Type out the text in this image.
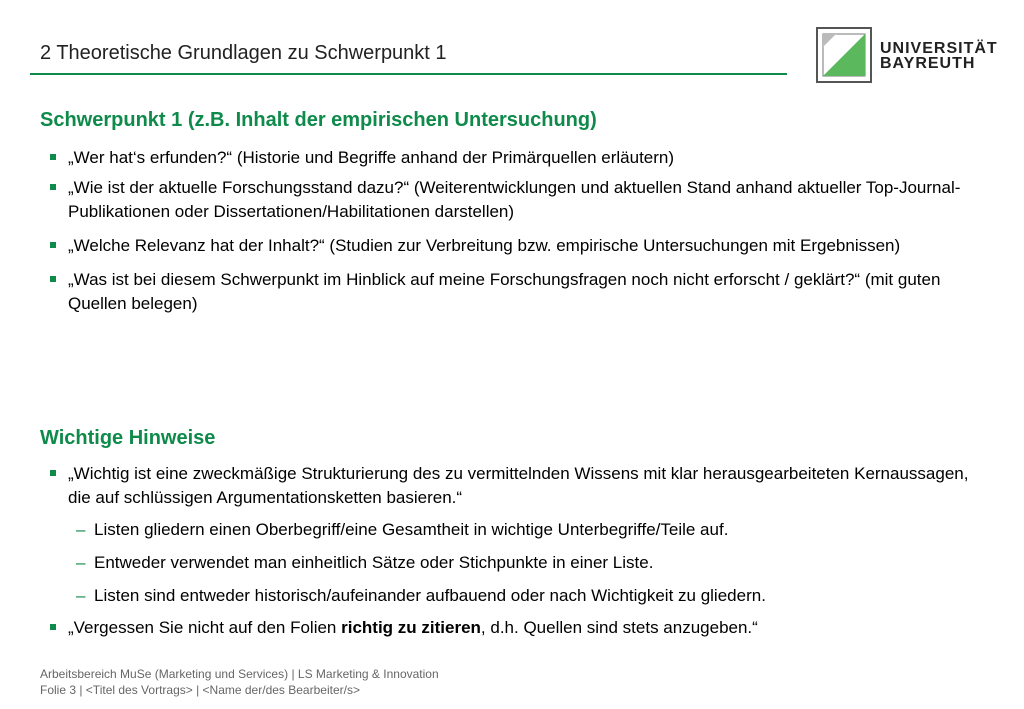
2 Theoretische Grundlagen zu Schwerpunkt 1	UNIVERSITÄT
BAYREUTH
Schwerpunkt 1 (z.B. Inhalt der empirischen Untersuchung)
„Wer hat‘s erfunden?“ (Historie und Begriffe anhand der Primärquellen erläutern)
„Wie ist der aktuelle Forschungsstand dazu?“ (Weiterentwicklungen und aktuellen Stand anhand aktueller Top-Journal-Publikationen oder Dissertationen/Habilitationen darstellen)
„Welche Relevanz hat der Inhalt?“ (Studien zur Verbreitung bzw. empirische Untersuchungen mit Ergebnissen)
„Was ist bei diesem Schwerpunkt im Hinblick auf meine Forschungsfragen noch nicht erforscht / geklärt?“ (mit guten Quellen belegen)
Wichtige Hinweise
„Wichtig ist eine zweckmäßige Strukturierung des zu vermittelnden Wissens mit klar herausgearbeiteten Kernaussagen, die auf schlüssigen Argumentationsketten basieren.“
– Listen gliedern einen Oberbegriff/eine Gesamtheit in wichtige Unterbegriffe/Teile auf.
– Entweder verwendet man einheitlich Sätze oder Stichpunkte in einer Liste.
– Listen sind entweder historisch/aufeinander aufbauend oder nach Wichtigkeit zu gliedern.
„Vergessen Sie nicht auf den Folien richtig zu zitieren, d.h. Quellen sind stets anzugeben.“
Arbeitsbereich MuSe (Marketing und Services) | LS Marketing & Innovation
Folie 3 | <Titel des Vortrags> | <Name der/des Bearbeiter/s>
